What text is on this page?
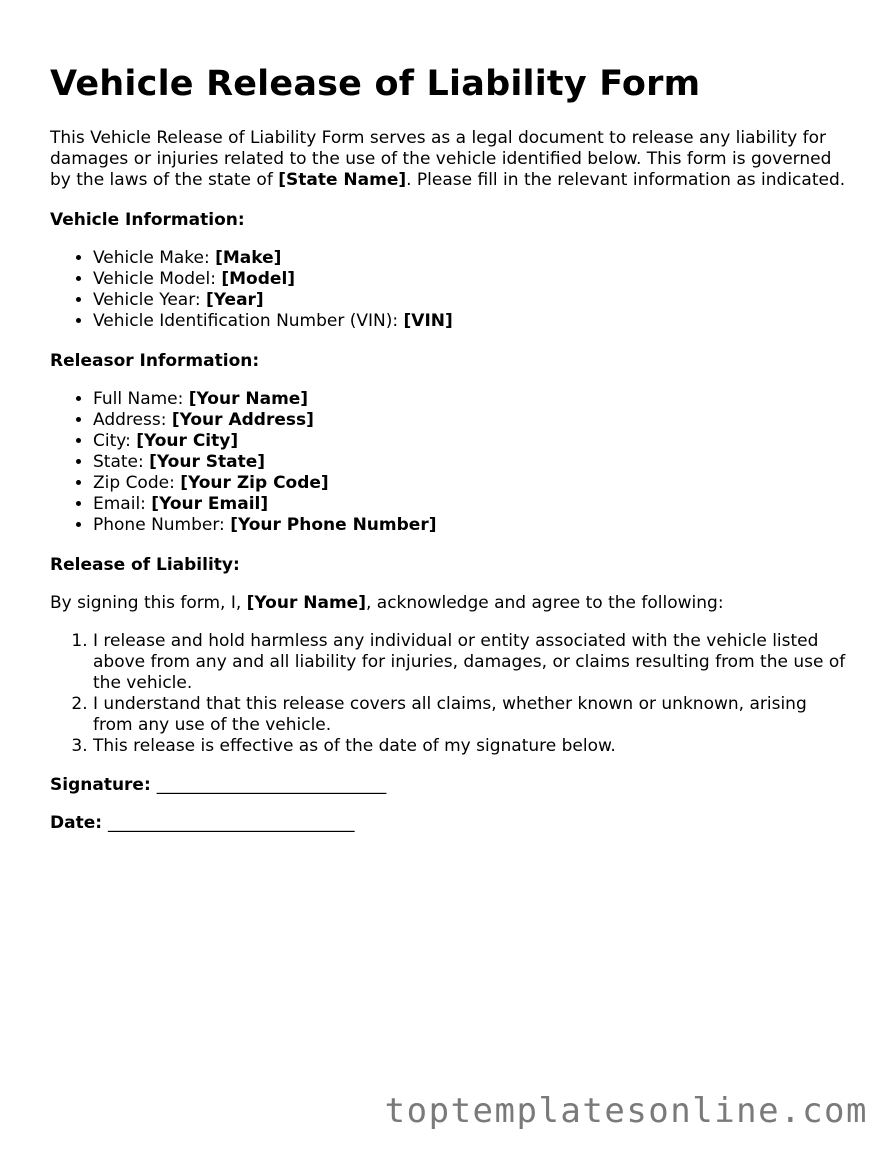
Vehicle Release of Liability Form

This Vehicle Release of Liability Form serves as a legal document to release any liability for damages or injuries related to the use of the vehicle identified below. This form is governed by the laws of the state of [State Name]. Please fill in the relevant information as indicated.

Vehicle Information:
• Vehicle Make: [Make]
• Vehicle Model: [Model]
• Vehicle Year: [Year]
• Vehicle Identification Number (VIN): [VIN]
Releasor Information:
• Full Name: [Your Name]
• Address: [Your Address]
• City: [Your City]
• State: [Your State]
• Zip Code: [Your Zip Code]
• Email: [Your Email]
• Phone Number: [Your Phone Number]
Release of Liability:

By signing this form, I, [Your Name], acknowledge and agree to the following:

1. I release and hold harmless any individual or entity associated with the vehicle listed above from any and all liability for injuries, damages, or claims resulting from the use of the vehicle.
2. I understand that this release covers all claims, whether known or unknown, arising from any use of the vehicle.
3. This release is effective as of the date of my signature below.
Signature: ___________________________
Date: _____________________________
toptemplatesonline.com
